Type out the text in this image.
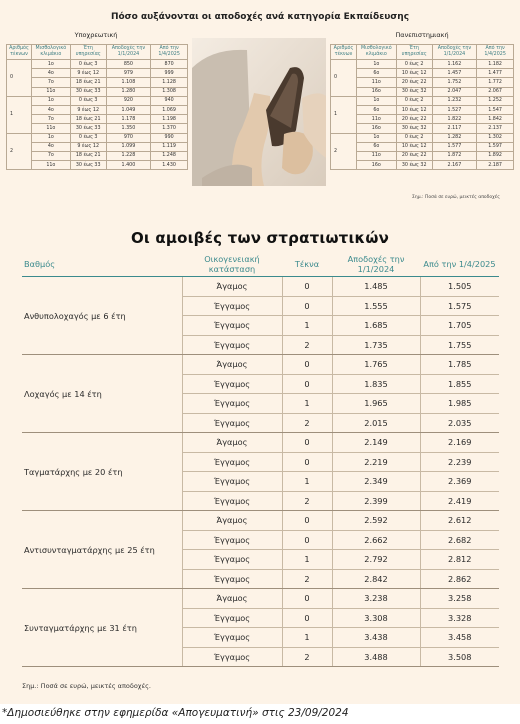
Πόσο αυξάνονται οι αποδοχές ανά κατηγορία Εκπαίδευσης
Υποχρεωτική
Αριθμός τέκνων	Μισθολογικό κλιμάκιο	Έτη υπηρεσίας	Αποδοχές την 1/1/2024	Από την 1/4/2025
0	1ο	0 έως 3	850	870
	4ο	9 έως 12	979	999
	7ο	18 έως 21	1.108	1.128
	11ο	30 έως 33	1.280	1.308
1	1ο	0 έως 3	920	940
	4ο	9 έως 12	1.049	1.069
	7ο	18 έως 21	1.178	1.198
	11ο	30 έως 33	1.350	1.370
2	1ο	0 έως 3	970	990
	4ο	9 έως 12	1.099	1.119
	7ο	18 έως 21	1.228	1.248
	11ο	30 έως 33	1.400	1.430
Πανεπιστημιακή
Αριθμός τέκνων	Μισθολογικό κλιμάκιο	Έτη υπηρεσίας	Αποδοχές την 1/1/2024	Από την 1/4/2025
0	1ο	0 έως 2	1.162	1.182
	6ο	10 έως 12	1.457	1.477
	11ο	20 έως 22	1.752	1.772
	16ο	30 έως 32	2.047	2.067
1	1ο	0 έως 2	1.232	1.252
	6ο	10 έως 12	1.527	1.547
	11ο	20 έως 22	1.822	1.842
	16ο	30 έως 32	2.117	2.137
2	1ο	0 έως 2	1.282	1.302
	6ο	10 έως 12	1.577	1.597
	11ο	20 έως 22	1.872	1.892
	16ο	30 έως 32	2.167	2.187
Σημ.: Ποσά σε ευρώ, μεικτές αποδοχές
Οι αμοιβές των στρατιωτικών
Βαθμός	Οικογενειακή κατάσταση	Τέκνα	Αποδοχές την 1/1/2024	Από την 1/4/2025
Ανθυπολοχαγός με 6 έτη	Άγαμος	0	1.485	1.505
	Έγγαμος	0	1.555	1.575
	Έγγαμος	1	1.685	1.705
	Έγγαμος	2	1.735	1.755
Λοχαγός με 14 έτη	Άγαμος	0	1.765	1.785
	Έγγαμος	0	1.835	1.855
	Έγγαμος	1	1.965	1.985
	Έγγαμος	2	2.015	2.035
Ταγματάρχης με 20 έτη	Άγαμος	0	2.149	2.169
	Έγγαμος	0	2.219	2.239
	Έγγαμος	1	2.349	2.369
	Έγγαμος	2	2.399	2.419
Αντισυνταγματάρχης με 25 έτη	Άγαμος	0	2.592	2.612
	Έγγαμος	0	2.662	2.682
	Έγγαμος	1	2.792	2.812
	Έγγαμος	2	2.842	2.862
Συνταγματάρχης με 31 έτη	Άγαμος	0	3.238	3.258
	Έγγαμος	0	3.308	3.328
	Έγγαμος	1	3.438	3.458
	Έγγαμος	2	3.488	3.508
Σημ.: Ποσά σε ευρώ, μεικτές αποδοχές.
*Δημοσιεύθηκε στην εφημερίδα «Απογευματινή» στις 23/09/2024
